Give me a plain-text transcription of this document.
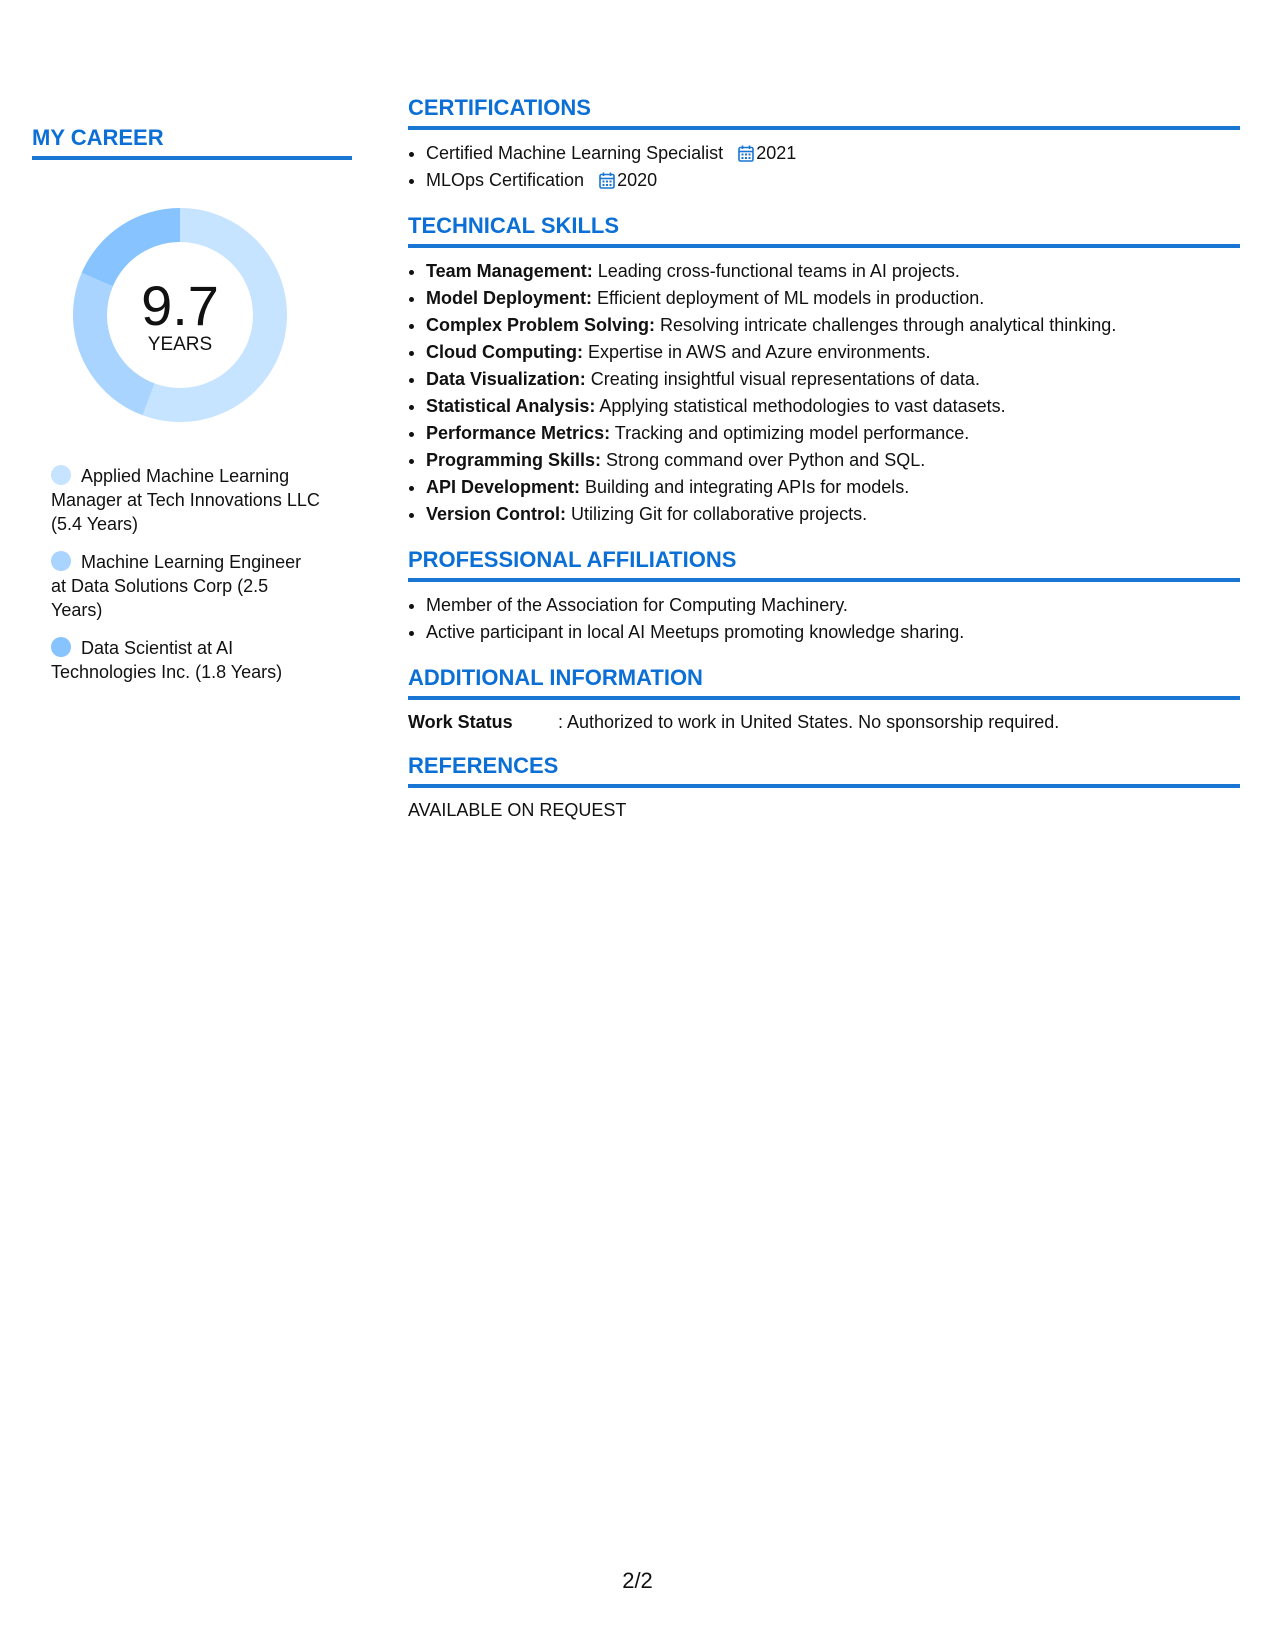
MY CAREER
9.7
YEARS
Applied Machine Learning Manager at Tech Innovations LLC (5.4 Years)
Machine Learning Engineer at Data Solutions Corp (2.5 Years)
Data Scientist at AI Technologies Inc. (1.8 Years)
CERTIFICATIONS
• Certified Machine Learning Specialist 2021
• MLOps Certification 2020
TECHNICAL SKILLS
• Team Management: Leading cross-functional teams in AI projects.
• Model Deployment: Efficient deployment of ML models in production.
• Complex Problem Solving: Resolving intricate challenges through analytical thinking.
• Cloud Computing: Expertise in AWS and Azure environments.
• Data Visualization: Creating insightful visual representations of data.
• Statistical Analysis: Applying statistical methodologies to vast datasets.
• Performance Metrics: Tracking and optimizing model performance.
• Programming Skills: Strong command over Python and SQL.
• API Development: Building and integrating APIs for models.
• Version Control: Utilizing Git for collaborative projects.
PROFESSIONAL AFFILIATIONS
• Member of the Association for Computing Machinery.
• Active participant in local AI Meetups promoting knowledge sharing.
ADDITIONAL INFORMATION
Work Status	: Authorized to work in United States. No sponsorship required.
REFERENCES
AVAILABLE ON REQUEST
2/2
